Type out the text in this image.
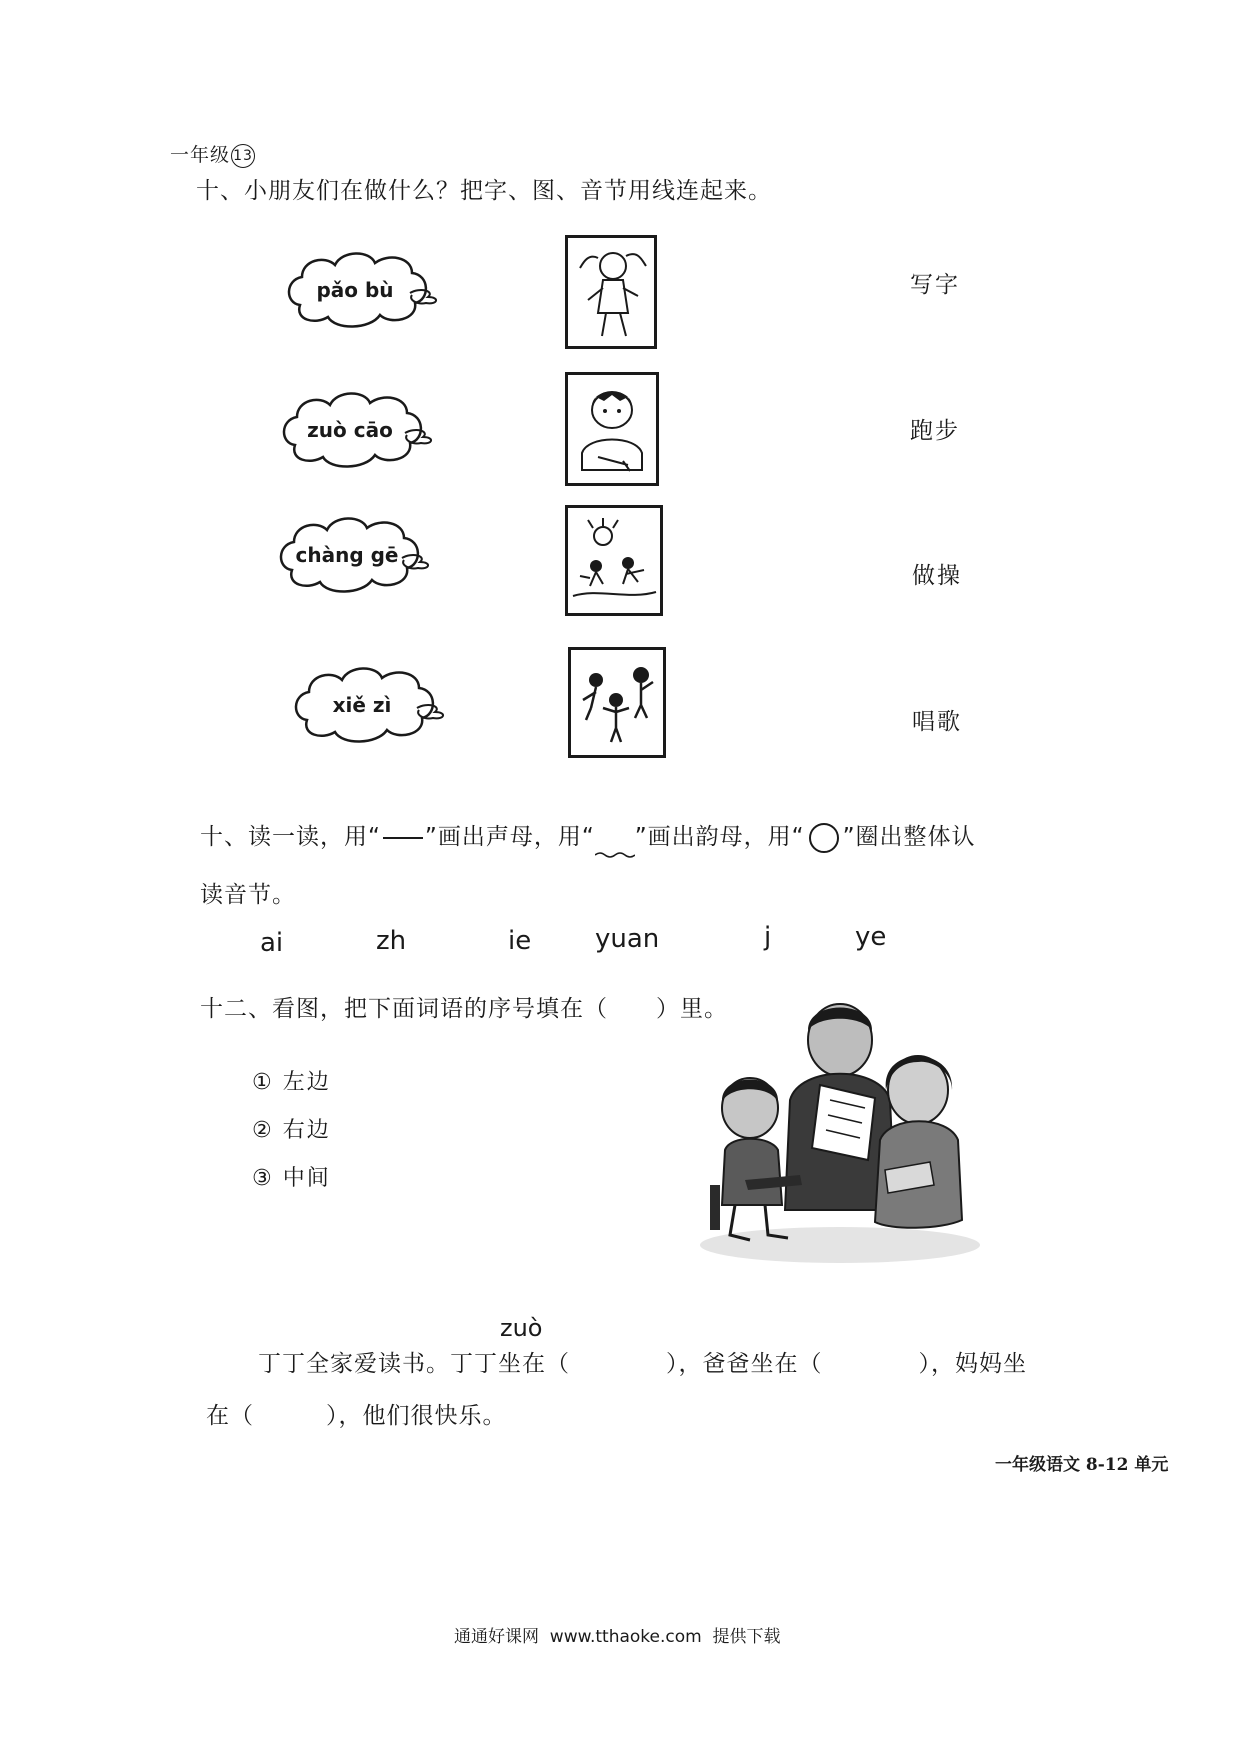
一年级 13
十、小朋友们在做什么？把字、图、音节用线连起来。
pǎo bù
zuò cāo
chàng gē
xiě zì
写字
跑步
做操
唱歌
十、读一读，用“ ”画出声母，用“ ”画出韵母，用“ ”圈出整体认
读音节。
ai	zh	ie yuan	j	ye
十二、看图，把下面词语的序号填在（　　）里。
① 左边
② 右边
③ 中间
zuò
丁丁全家爱读书。丁丁坐在（　　　　），爸爸坐在（　　　　），妈妈坐
在（　　　），他们很快乐。
一年级语文 8-12 单元
通通好课网  www.tthaoke.com  提供下载
